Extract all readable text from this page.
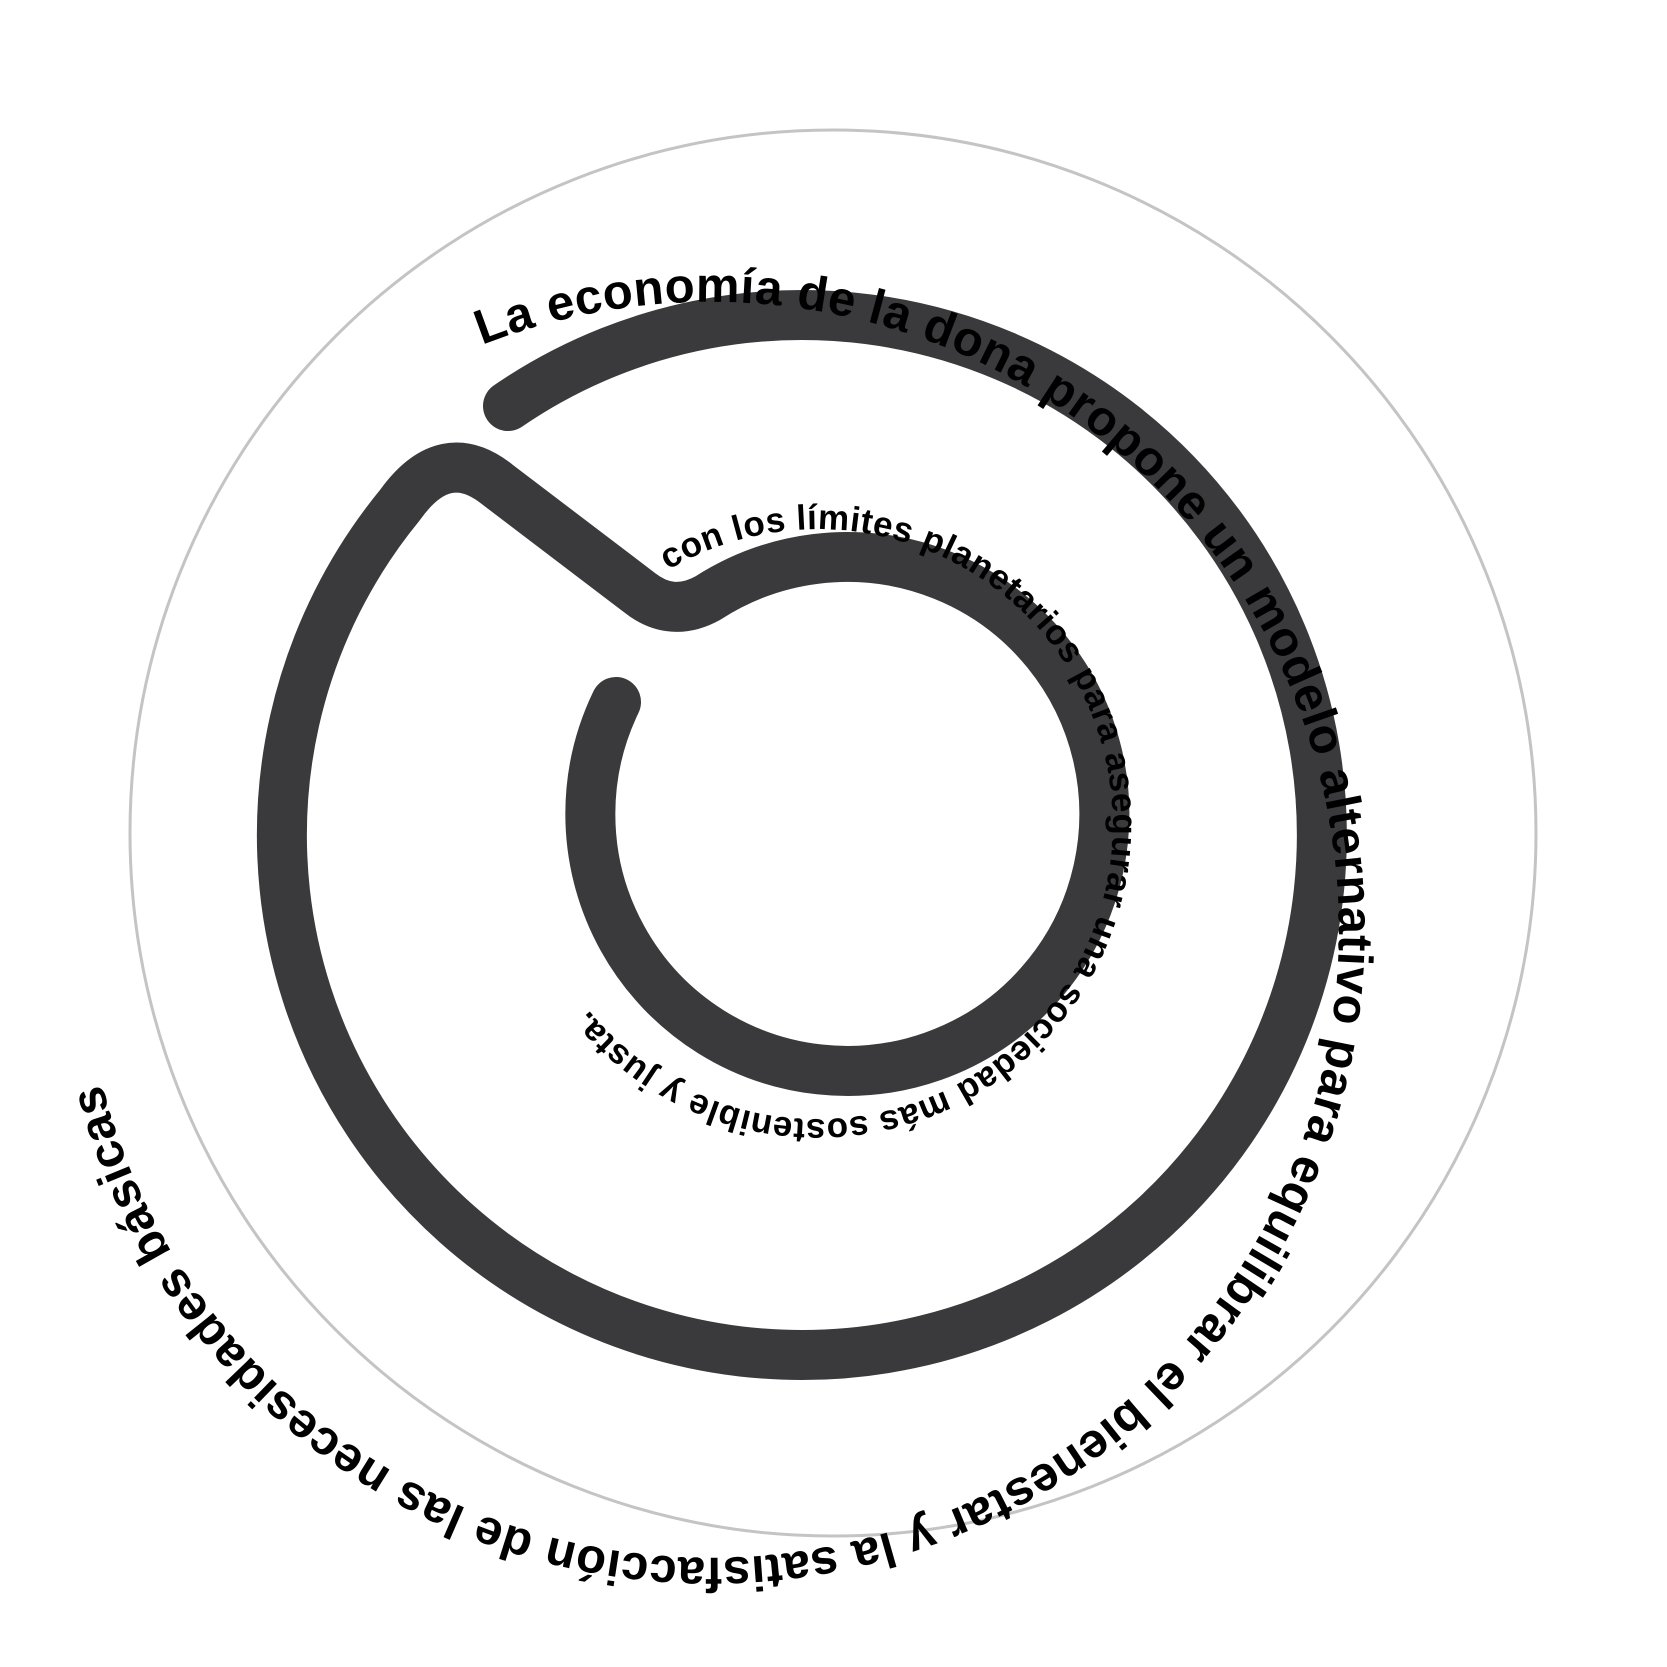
La economía de la dona propone un modelo alternativo para equilibrar el bienestar y la satisfacción de las necesidades básicas
con los límites planetarios para asegurar una sociedad más sostenible y justa.
